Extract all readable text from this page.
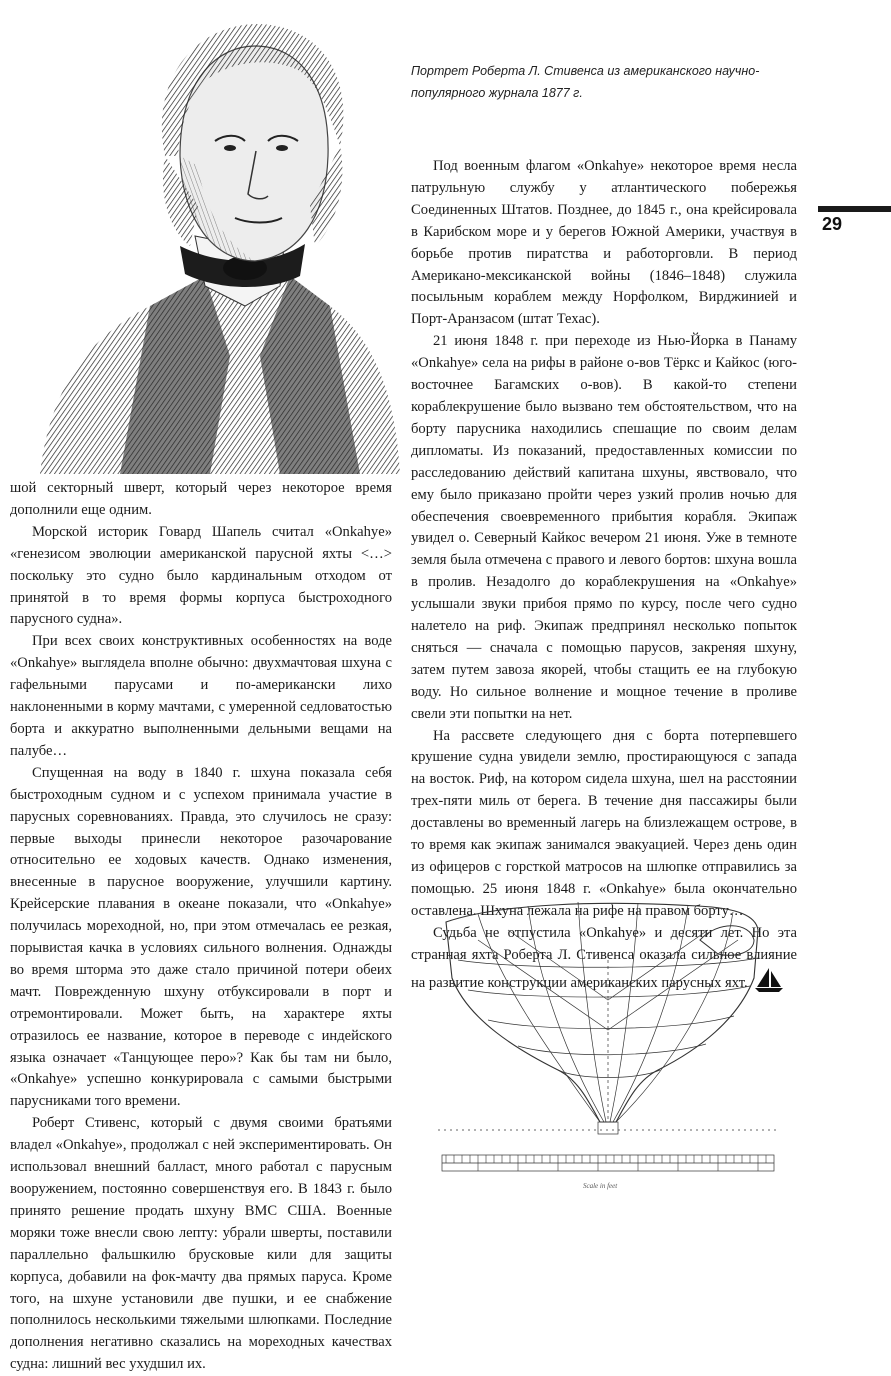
Портрет Роберта Л. Стивенса из американского научно-популярного журнала 1877 г.
29

шой секторный шверт, который через некоторое время дополнили еще одним.

Морской историк Говард Шапель считал «Onkahye» «генезисом эволюции американской парусной яхты <…> поскольку это судно было кардинальным отходом от принятой в то время формы корпуса быстроходного парусного судна».

При всех своих конструктивных особенностях на воде «Onkahye» выглядела вполне обычно: двухмачтовая шхуна с гафельными парусами и по-американски лихо наклоненными в корму мачтами, с умеренной седловатостью борта и аккуратно выполненными дельными вещами на палубе…

Спущенная на воду в 1840 г. шхуна показала себя быстроходным судном и с успехом принимала участие в парусных соревнованиях. Правда, это случилось не сразу: первые выходы принесли некоторое разочарование относительно ее ходовых качеств. Однако изменения, внесенные в парусное вооружение, улучшили картину. Крейсерские плавания в океане показали, что «Onkahye» получилась мореходной, но, при этом отмечалась ее резкая, порывистая качка в условиях сильного волнения. Однажды во время шторма это даже стало причиной потери обеих мачт. Поврежденную шхуну отбуксировали в порт и отремонтировали. Может быть, на характере яхты отразилось ее название, которое в переводе с индейского языка означает «Танцующее перо»? Как бы там ни было, «Onkahye» успешно конкурировала с самыми быстрыми парусниками того времени.

Роберт Стивенс, который с двумя своими братьями владел «Onkahye», продолжал с ней экспериментировать. Он использовал внешний балласт, много работал с парусным вооружением, постоянно совершенствуя его. В 1843 г. было принято решение продать шхуну ВМС США. Военные моряки тоже внесли свою лепту: убрали шверты, поставили параллельно фальшкилю брусковые кили для защиты корпуса, добавили на фок-мачту два прямых паруса. Кроме того, на шхуне установили две пушки, и ее снабжение пополнилось несколькими тяжелыми шлюпками. Последние дополнения негативно сказались на мореходных качествах судна: лишний вес ухудшил их.

Под военным флагом «Onkahye» некоторое время несла патрульную службу у атлантического побережья Соединенных Штатов. Позднее, до 1845 г., она крейсировала в Карибском море и у берегов Южной Америки, участвуя в борьбе против пиратства и работорговли. В период Американо-мексиканской войны (1846–1848) служила посыльным кораблем между Норфолком, Вирджинией и Порт-Аранзасом (штат Техас).

21 июня 1848 г. при переходе из Нью-Йорка в Панаму «Onkahye» села на рифы в районе о-вов Тёркс и Кайкос (юго-восточнее Багамских о-вов). В какой-то степени кораблекрушение было вызвано тем обстоятельством, что на борту парусника находились спешащие по своим делам дипломаты. Из показаний, предоставленных комиссии по расследованию действий капитана шхуны, явствовало, что ему было приказано пройти через узкий пролив ночью для обеспечения своевременного прибытия корабля. Экипаж увидел о. Северный Кайкос вечером 21 июня. Уже в темноте земля была отмечена с правого и левого бортов: шхуна вошла в пролив. Незадолго до кораблекрушения на «Onkahye» услышали звуки прибоя прямо по курсу, после чего судно налетело на риф. Экипаж предпринял несколько попыток сняться — сначала с помощью парусов, закреняя шхуну, затем путем завоза якорей, чтобы стащить ее на глубокую воду. Но сильное волнение и мощное течение в проливе свели эти попытки на нет.

На рассвете следующего дня с борта потерпевшего крушение судна увидели землю, простирающуюся с запада на восток. Риф, на котором сидела шхуна, шел на расстоянии трех-пяти миль от берега. В течение дня пассажиры были доставлены во временный лагерь на близлежащем острове, в то время как экипаж занимался эвакуацией. Через день один из офицеров с горсткой матросов на шлюпке отправились за помощью. 25 июня 1848 г. «Onkahye» была окончательно оставлена. Шхуна лежала на рифе на правом борту…

Судьба не отпустила «Onkahye» и десяти лет. Но эта странная яхта Роберта Л. Стивенса оказала сильное влияние на развитие конструкции американских парусных яхт.

Scale in feet
